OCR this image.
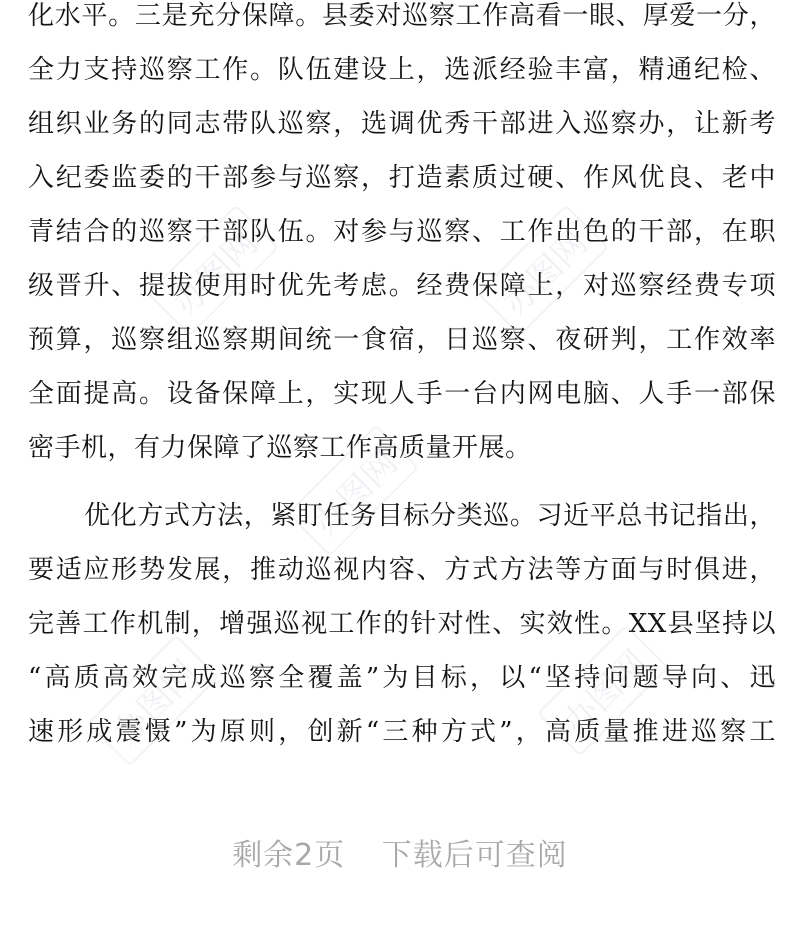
化水平。三是充分保障。县委对巡察工作高看一眼、厚爱一分，
全力支持巡察工作。队伍建设上，选派经验丰富，精通纪检、
组织业务的同志带队巡察，选调优秀干部进入巡察办，让新考
入纪委监委的干部参与巡察，打造素质过硬、作风优良、老中
青结合的巡察干部队伍。对参与巡察、工作出色的干部，在职
级晋升、提拔使用时优先考虑。经费保障上，对巡察经费专项
预算，巡察组巡察期间统一食宿，日巡察、夜研判，工作效率
全面提高。设备保障上，实现人手一台内网电脑、人手一部保
密手机，有力保障了巡察工作高质量开展。
优化方式方法，紧盯任务目标分类巡。习近平总书记指出，
要适应形势发展，推动巡视内容、方式方法等方面与时俱进，
完善工作机制，增强巡视工作的针对性、实效性。XX县坚持以
“高质高效完成巡察全覆盖”为目标，以“坚持问题导向、迅
速形成震慑”为原则，创新“三种方式”，高质量推进巡察工
办图网	办图网
办图网
办图网	办图网
剩余2页 下载后可查阅
